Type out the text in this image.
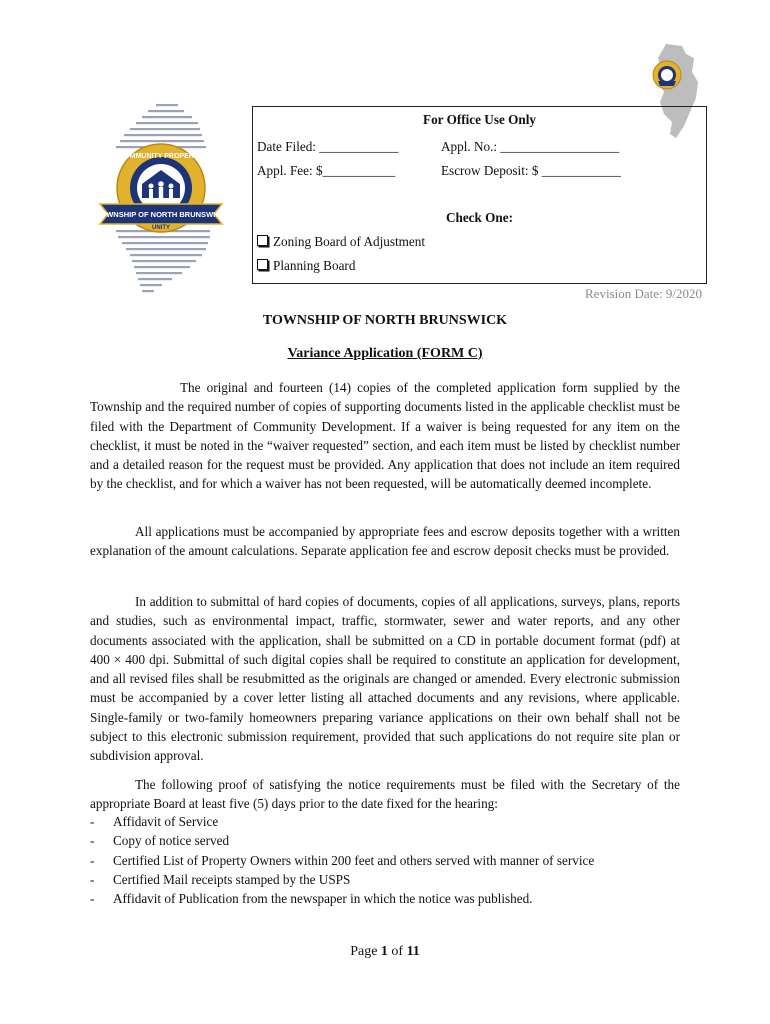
COMMUNITY PROPERTY
TOWNSHIP OF NORTH BRUNSWICK
UNITY
For Office Use Only
Date Filed: ____________	Appl. No.: __________________
Appl. Fee: $___________	Escrow Deposit: $ ____________
Check One:
Zoning Board of Adjustment
Planning Board
Revision Date: 9/2020
TOWNSHIP OF NORTH BRUNSWICK
Variance Application (FORM C)

The original and fourteen (14) copies of the completed application form supplied by the Township and the required number of copies of supporting documents listed in the applicable checklist must be filed with the Department of Community Development. If a waiver is being requested for any item on the checklist, it must be noted in the “waiver requested” section, and each item must be listed by checklist number and a detailed reason for the request must be provided. Any application that does not include an item required by the checklist, and for which a waiver has not been requested, will be automatically deemed incomplete.

All applications must be accompanied by appropriate fees and escrow deposits together with a written explanation of the amount calculations. Separate application fee and escrow deposit checks must be provided.

In addition to submittal of hard copies of documents, copies of all applications, surveys, plans, reports and studies, such as environmental impact, traffic, stormwater, sewer and water reports, and any other documents associated with the application, shall be submitted on a CD in portable document format (pdf) at 400 × 400 dpi. Submittal of such digital copies shall be required to constitute an application for development, and all revised files shall be resubmitted as the originals are changed or amended. Every electronic submission must be accompanied by a cover letter listing all attached documents and any revisions, where applicable. Single-family or two-family homeowners preparing variance applications on their own behalf shall not be subject to this electronic submission requirement, provided that such applications do not require site plan or subdivision approval.

The following proof of satisfying the notice requirements must be filed with the Secretary of the appropriate Board at least five (5) days prior to the date fixed for the hearing:

- Affidavit of Service
- Copy of notice served
- Certified List of Property Owners within 200 feet and others served with manner of service
- Certified Mail receipts stamped by the USPS
- Affidavit of Publication from the newspaper in which the notice was published.
Page 1 of 11
